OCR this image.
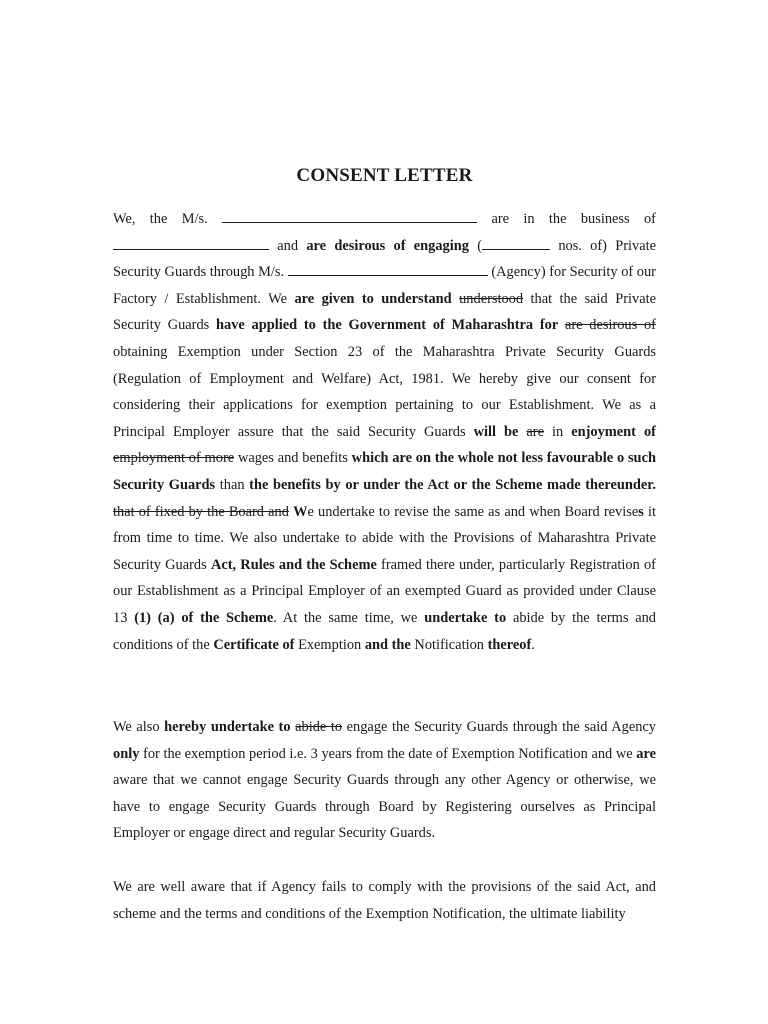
CONSENT LETTER
We, the M/s.	are in the business of  and are desirous of engaging (	nos. of) Private Security Guards through M/s.	(Agency) for Security of our Factory / Establishment. We are given to understand understood that the said Private Security Guards have applied to the Government of Maharashtra for are desirous of obtaining Exemption under Section 23 of the Maharashtra Private Security Guards (Regulation of Employment and Welfare) Act, 1981. We hereby give our consent for considering their applications for exemption pertaining to our Establishment. We as a Principal Employer assure that the said Security Guards will be are in enjoyment of employment of more wages and benefits which are on the whole not less favourable o such Security Guards than the benefits by or under the Act or the Scheme made thereunder. that of fixed by the Board and We undertake to revise the same as and when Board revises it from time to time. We also undertake to abide with the Provisions of Maharashtra Private Security Guards Act, Rules and the Scheme framed there under, particularly Registration of our Establishment as a Principal Employer of an exempted Guard as provided under Clause 13 (1) (a) of the Scheme. At the same time, we undertake to abide by the terms and conditions of the Certificate of Exemption and the Notification thereof.
We also hereby undertake to abide to engage the Security Guards through the said Agency only for the exemption period i.e. 3 years from the date of Exemption Notification and we are aware that we cannot engage Security Guards through any other Agency or otherwise, we have to engage Security Guards through Board by Registering ourselves as Principal Employer or engage direct and regular Security Guards.
We are well aware that if Agency fails to comply with the provisions of the said Act, and scheme and the terms and conditions of the Exemption Notification, the ultimate liability
